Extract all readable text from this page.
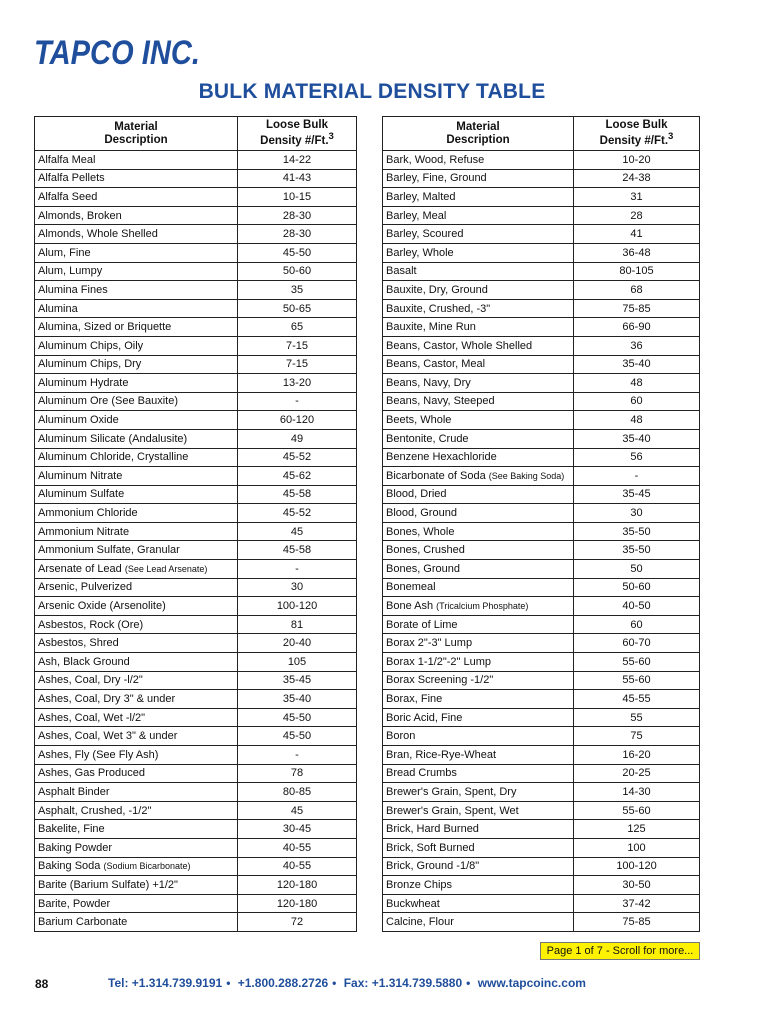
TAPCO INC.
BULK MATERIAL DENSITY TABLE
Material
Description	Loose Bulk
Density #/Ft.$^3$
Alfalfa Meal	14-22
Alfalfa Pellets	41-43
Alfalfa Seed	10-15
Almonds, Broken	28-30
Almonds, Whole Shelled	28-30
Alum, Fine	45-50
Alum, Lumpy	50-60
Alumina Fines	35
Alumina	50-65
Alumina, Sized or Briquette	65
Aluminum Chips, Oily	7-15
Aluminum Chips, Dry	7-15
Aluminum Hydrate	13-20
Aluminum Ore (See Bauxite)	-
Aluminum Oxide	60-120
Aluminum Silicate (Andalusite)	49
Aluminum Chloride, Crystalline	45-52
Aluminum Nitrate	45-62
Aluminum Sulfate	45-58
Ammonium Chloride	45-52
Ammonium Nitrate	45
Ammonium Sulfate, Granular	45-58
Arsenate of Lead (See Lead Arsenate)	-
Arsenic, Pulverized	30
Arsenic Oxide (Arsenolite)	100-120
Asbestos, Rock (Ore)	81
Asbestos, Shred	20-40
Ash, Black Ground	105
Ashes, Coal, Dry -l/2"	35-45
Ashes, Coal, Dry 3" & under	35-40
Ashes, Coal, Wet -l/2"	45-50
Ashes, Coal, Wet 3" & under	45-50
Ashes, Fly (See Fly Ash)	-
Ashes, Gas Produced	78
Asphalt Binder	80-85
Asphalt, Crushed, -1/2"	45
Bakelite, Fine	30-45
Baking Powder	40-55
Baking Soda (Sodium Bicarbonate)	40-55
Barite (Barium Sulfate) +1/2"	120-180
Barite, Powder	120-180
Barium Carbonate	72
Material
Description	Loose Bulk
Density #/Ft.$^3$
Bark, Wood, Refuse	10-20
Barley, Fine, Ground	24-38
Barley, Malted	31
Barley, Meal	28
Barley, Scoured	41
Barley, Whole	36-48
Basalt	80-105
Bauxite, Dry, Ground	68
Bauxite, Crushed, -3"	75-85
Bauxite, Mine Run	66-90
Beans, Castor, Whole Shelled	36
Beans, Castor, Meal	35-40
Beans, Navy, Dry	48
Beans, Navy, Steeped	60
Beets, Whole	48
Bentonite, Crude	35-40
Benzene Hexachloride	56
Bicarbonate of Soda (See Baking Soda)	-
Blood, Dried	35-45
Blood, Ground	30
Bones, Whole	35-50
Bones, Crushed	35-50
Bones, Ground	50
Bonemeal	50-60
Bone Ash (Tricalcium Phosphate)	40-50
Borate of Lime	60
Borax 2"-3" Lump	60-70
Borax 1-1/2"-2" Lump	55-60
Borax Screening -1/2"	55-60
Borax, Fine	45-55
Boric Acid, Fine	55
Boron	75
Bran, Rice-Rye-Wheat	16-20
Bread Crumbs	20-25
Brewer's Grain, Spent, Dry	14-30
Brewer's Grain, Spent, Wet	55-60
Brick, Hard Burned	125
Brick, Soft Burned	100
Brick, Ground -1/8"	100-120
Bronze Chips	30-50
Buckwheat	37-42
Calcine, Flour	75-85
Page 1 of 7 - Scroll for more...
88	Tel: +1.314.739.9191 • +1.800.288.2726 • Fax: +1.314.739.5880 • www.tapcoinc.com
